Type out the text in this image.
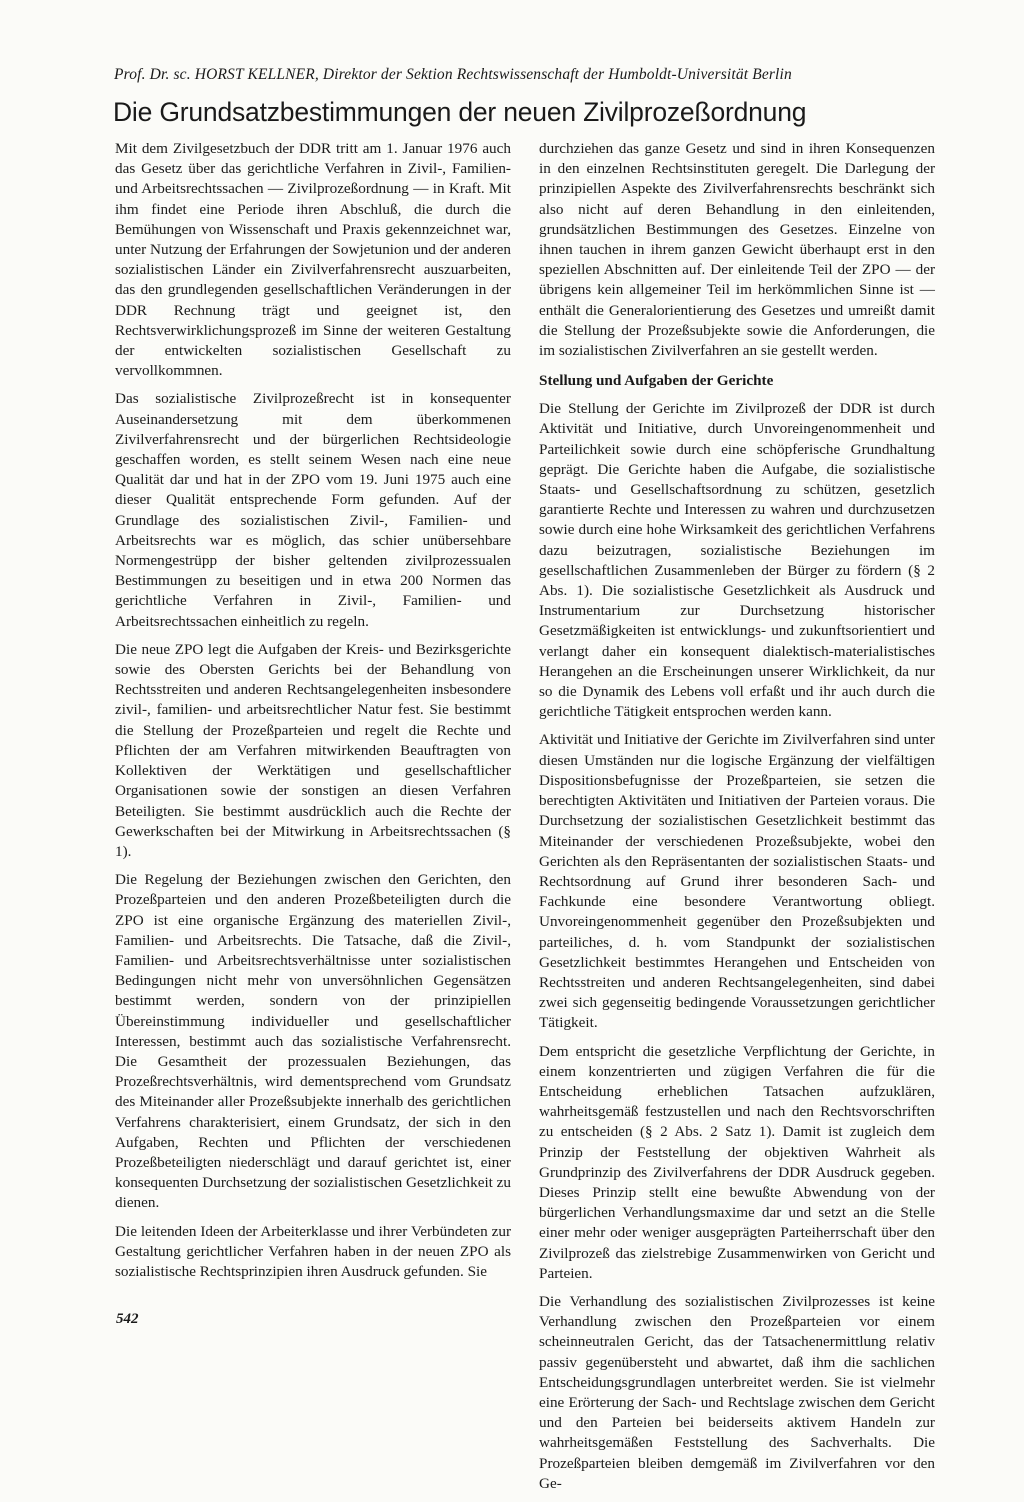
Prof. Dr. sc. HORST KELLNER, Direktor der Sektion Rechtswissenschaft der Humboldt-Universität Berlin
Die Grundsatzbestimmungen der neuen Zivilprozeßordnung

Mit dem Zivilgesetzbuch der DDR tritt am 1. Januar 1976 auch das Gesetz über das gerichtliche Verfahren in Zivil-, Familien- und Arbeitsrechtssachen — Zivilprozeßordnung — in Kraft. Mit ihm findet eine Periode ihren Abschluß, die durch die Bemühungen von Wissenschaft und Praxis gekennzeichnet war, unter Nutzung der Erfahrungen der Sowjetunion und der anderen sozialistischen Länder ein Zivilverfahrensrecht auszuarbeiten, das den grundlegenden gesellschaftlichen Veränderungen in der DDR Rechnung trägt und geeignet ist, den Rechtsverwirklichungsprozeß im Sinne der weiteren Gestaltung der entwickelten sozialistischen Gesellschaft zu vervollkommnen.

Das sozialistische Zivilprozeßrecht ist in konsequenter Auseinandersetzung mit dem überkommenen Zivilverfahrensrecht und der bürgerlichen Rechtsideologie geschaffen worden, es stellt seinem Wesen nach eine neue Qualität dar und hat in der ZPO vom 19. Juni 1975 auch eine dieser Qualität entsprechende Form gefunden. Auf der Grundlage des sozialistischen Zivil-, Familien- und Arbeitsrechts war es möglich, das schier unübersehbare Normengestrüpp der bisher geltenden zivilprozessualen Bestimmungen zu beseitigen und in etwa 200 Normen das gerichtliche Verfahren in Zivil-, Familien- und Arbeitsrechtssachen einheitlich zu regeln.

Die neue ZPO legt die Aufgaben der Kreis- und Bezirksgerichte sowie des Obersten Gerichts bei der Behandlung von Rechtsstreiten und anderen Rechtsangelegenheiten insbesondere zivil-, familien- und arbeitsrechtlicher Natur fest. Sie bestimmt die Stellung der Prozeßparteien und regelt die Rechte und Pflichten der am Verfahren mitwirkenden Beauftragten von Kollektiven der Werktätigen und gesellschaftlicher Organisationen sowie der sonstigen an diesen Verfahren Beteiligten. Sie bestimmt ausdrücklich auch die Rechte der Gewerkschaften bei der Mitwirkung in Arbeitsrechtssachen (§ 1).

Die Regelung der Beziehungen zwischen den Gerichten, den Prozeßparteien und den anderen Prozeßbeteiligten durch die ZPO ist eine organische Ergänzung des materiellen Zivil-, Familien- und Arbeitsrechts. Die Tatsache, daß die Zivil-, Familien- und Arbeitsrechtsverhältnisse unter sozialistischen Bedingungen nicht mehr von unversöhnlichen Gegensätzen bestimmt werden, sondern von der prinzipiellen Übereinstimmung individueller und gesellschaftlicher Interessen, bestimmt auch das sozialistische Verfahrensrecht. Die Gesamtheit der prozessualen Beziehungen, das Prozeßrechtsverhältnis, wird dementsprechend vom Grundsatz des Miteinander aller Prozeßsubjekte innerhalb des gerichtlichen Verfahrens charakterisiert, einem Grundsatz, der sich in den Aufgaben, Rechten und Pflichten der verschiedenen Prozeßbeteiligten niederschlägt und darauf gerichtet ist, einer konsequenten Durchsetzung der sozialistischen Gesetzlichkeit zu dienen.

Die leitenden Ideen der Arbeiterklasse und ihrer Verbündeten zur Gestaltung gerichtlicher Verfahren haben in der neuen ZPO als sozialistische Rechtsprinzipien ihren Ausdruck gefunden. Sie

durchziehen das ganze Gesetz und sind in ihren Konsequenzen in den einzelnen Rechtsinstituten geregelt. Die Darlegung der prinzipiellen Aspekte des Zivilverfahrensrechts beschränkt sich also nicht auf deren Behandlung in den einleitenden, grundsätzlichen Bestimmungen des Gesetzes. Einzelne von ihnen tauchen in ihrem ganzen Gewicht überhaupt erst in den speziellen Abschnitten auf. Der einleitende Teil der ZPO — der übrigens kein allgemeiner Teil im herkömmlichen Sinne ist — enthält die Generalorientierung des Gesetzes und umreißt damit die Stellung der Prozeßsubjekte sowie die Anforderungen, die im sozialistischen Zivilverfahren an sie gestellt werden.

Stellung und Aufgaben der Gerichte

Die Stellung der Gerichte im Zivilprozeß der DDR ist durch Aktivität und Initiative, durch Unvoreingenommenheit und Parteilichkeit sowie durch eine schöpferische Grundhaltung geprägt. Die Gerichte haben die Aufgabe, die sozialistische Staats- und Gesellschaftsordnung zu schützen, gesetzlich garantierte Rechte und Interessen zu wahren und durchzusetzen sowie durch eine hohe Wirksamkeit des gerichtlichen Verfahrens dazu beizutragen, sozialistische Beziehungen im gesellschaftlichen Zusammenleben der Bürger zu fördern (§ 2 Abs. 1). Die sozialistische Gesetzlichkeit als Ausdruck und Instrumentarium zur Durchsetzung historischer Gesetzmäßigkeiten ist entwicklungs- und zukunftsorientiert und verlangt daher ein konsequent dialektisch-materialistisches Herangehen an die Erscheinungen unserer Wirklichkeit, da nur so die Dynamik des Lebens voll erfaßt und ihr auch durch die gerichtliche Tätigkeit entsprochen werden kann.

Aktivität und Initiative der Gerichte im Zivilverfahren sind unter diesen Umständen nur die logische Ergänzung der vielfältigen Dispositionsbefugnisse der Prozeßparteien, sie setzen die berechtigten Aktivitäten und Initiativen der Parteien voraus. Die Durchsetzung der sozialistischen Gesetzlichkeit bestimmt das Miteinander der verschiedenen Prozeßsubjekte, wobei den Gerichten als den Repräsentanten der sozialistischen Staats- und Rechtsordnung auf Grund ihrer besonderen Sach- und Fachkunde eine besondere Verantwortung obliegt. Unvoreingenommenheit gegenüber den Prozeßsubjekten und parteiliches, d. h. vom Standpunkt der sozialistischen Gesetzlichkeit bestimmtes Herangehen und Entscheiden von Rechtsstreiten und anderen Rechtsangelegenheiten, sind dabei zwei sich gegenseitig bedingende Voraussetzungen gerichtlicher Tätigkeit.

Dem entspricht die gesetzliche Verpflichtung der Gerichte, in einem konzentrierten und zügigen Verfahren die für die Entscheidung erheblichen Tatsachen aufzuklären, wahrheitsgemäß festzustellen und nach den Rechtsvorschriften zu entscheiden (§ 2 Abs. 2 Satz 1). Damit ist zugleich dem Prinzip der Feststellung der objektiven Wahrheit als Grundprinzip des Zivilverfahrens der DDR Ausdruck gegeben. Dieses Prinzip stellt eine bewußte Abwendung von der bürgerlichen Verhandlungsmaxime dar und setzt an die Stelle einer mehr oder weniger ausgeprägten Parteiherrschaft über den Zivilprozeß das zielstrebige Zusammenwirken von Gericht und Parteien.

Die Verhandlung des sozialistischen Zivilprozesses ist keine Verhandlung zwischen den Prozeßparteien vor einem scheinneutralen Gericht, das der Tatsachenermittlung relativ passiv gegenübersteht und abwartet, daß ihm die sachlichen Entscheidungsgrundlagen unterbreitet werden. Sie ist vielmehr eine Erörterung der Sach- und Rechtslage zwischen dem Gericht und den Parteien bei beiderseits aktivem Handeln zur wahrheitsgemäßen Feststellung des Sachverhalts. Die Prozeßparteien bleiben demgemäß im Zivilverfahren vor den Ge-

542
